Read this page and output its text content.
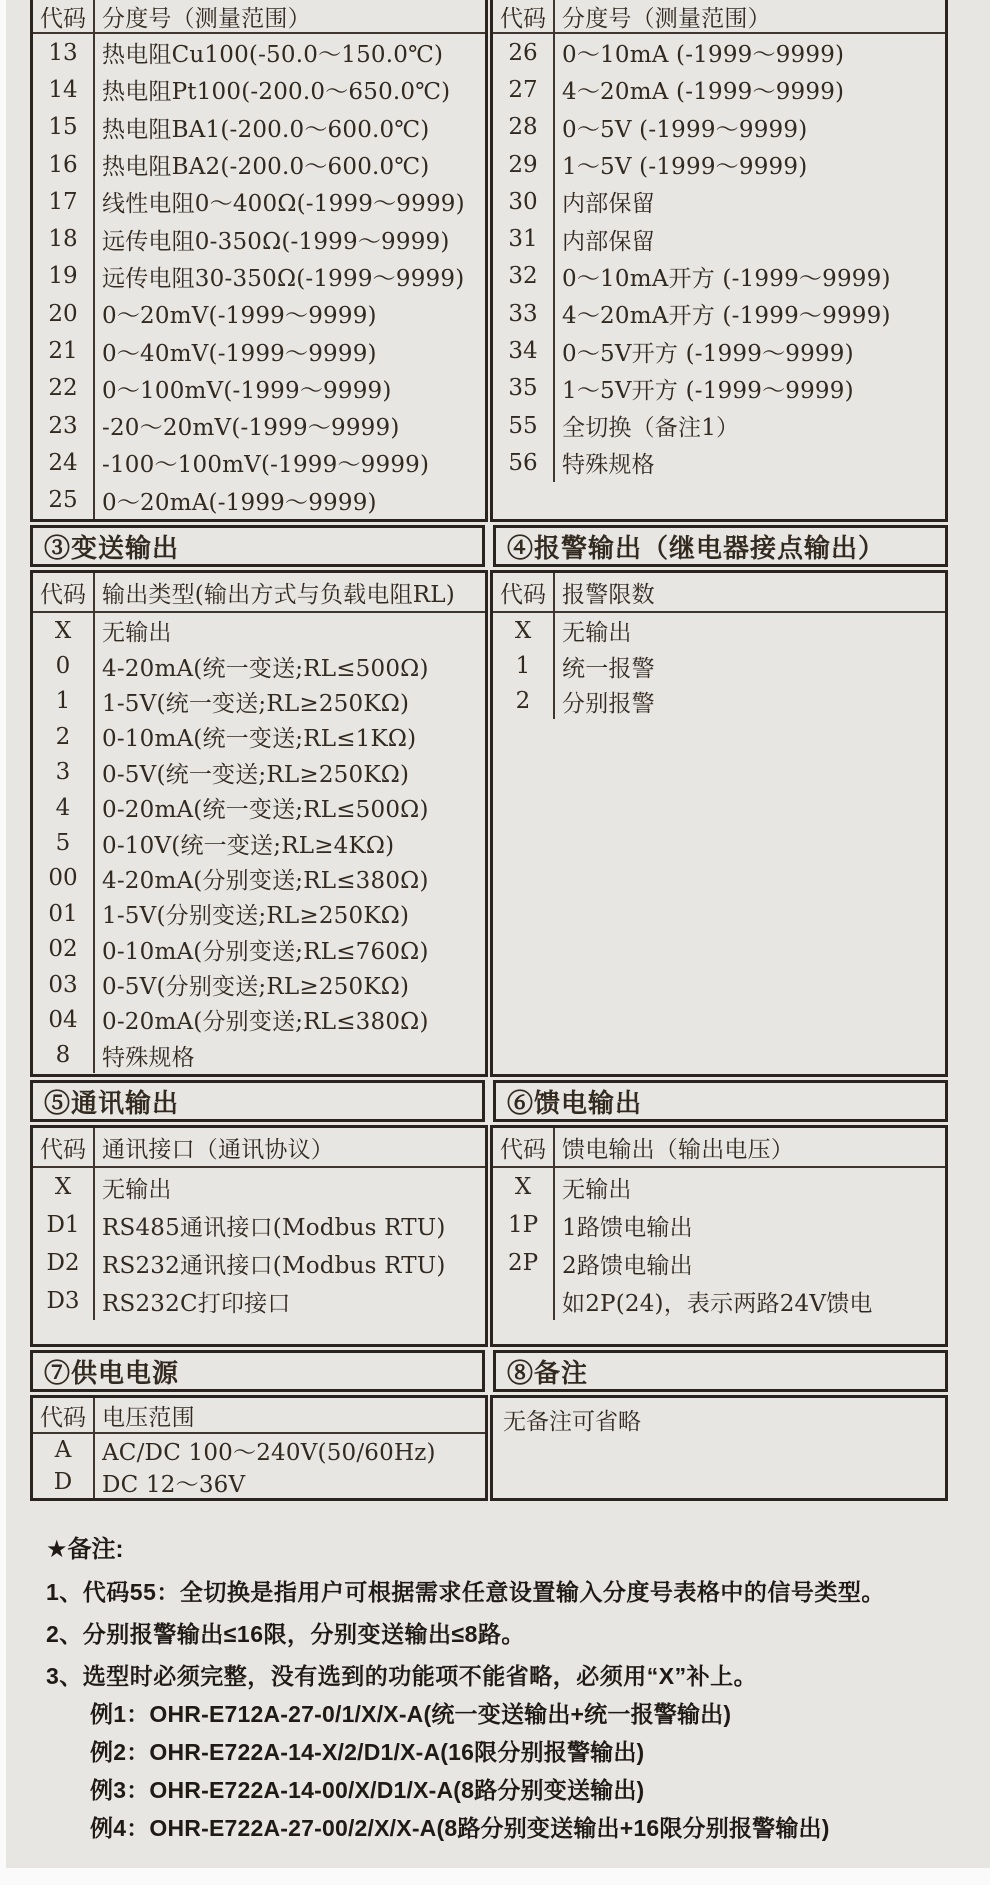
代码 分度号（测量范围）
13	热电阻Cu100(-50.0～150.0℃)
14	热电阻Pt100(-200.0～650.0℃)
15	热电阻BA1(-200.0～600.0℃)
16	热电阻BA2(-200.0～600.0℃)
17	线性电阻0～400Ω(-1999～9999)
18	远传电阻0-350Ω(-1999～9999)
19	远传电阻30-350Ω(-1999～9999)
20	0～20mV(-1999～9999)
21	0～40mV(-1999～9999)
22	0～100mV(-1999～9999)
23	-20～20mV(-1999～9999)
24	-100～100mV(-1999～9999)
25	0～20mA(-1999～9999)
代码 分度号（测量范围）
26	0～10mA (-1999～9999)
27	4～20mA (-1999～9999)
28	0～5V (-1999～9999)
29	1～5V (-1999～9999)
30	内部保留
31	内部保留
32	0～10mA开方 (-1999～9999)
33	4～20mA开方 (-1999～9999)
34	0～5V开方 (-1999～9999)
35	1～5V开方 (-1999～9999)
55	全切换（备注1）
56	特殊规格
③变送输出	④报警输出（继电器接点输出）
代码 输出类型(输出方式与负载电阻RL)
X	无输出
0	4-20mA(统一变送;RL≤500Ω)
1	1-5V(统一变送;RL≥250KΩ)
2	0-10mA(统一变送;RL≤1KΩ)
3	0-5V(统一变送;RL≥250KΩ)
4	0-20mA(统一变送;RL≤500Ω)
5	0-10V(统一变送;RL≥4KΩ)
00	4-20mA(分别变送;RL≤380Ω)
01	1-5V(分别变送;RL≥250KΩ)
02	0-10mA(分别变送;RL≤760Ω)
03	0-5V(分别变送;RL≥250KΩ)
04	0-20mA(分别变送;RL≤380Ω)
8	特殊规格
代码 报警限数
X	无输出
1	统一报警
2	分别报警
⑤通讯输出	⑥馈电输出
代码 通讯接口（通讯协议）
X	无输出
D1 RS485通讯接口(Modbus RTU)
D2 RS232通讯接口(Modbus RTU)
D3 RS232C打印接口
代码 馈电输出（输出电压）
X	无输出
1P	1路馈电输出
2P	2路馈电输出
如2P(24)，表示两路24V馈电
⑦供电电源	⑧备注
代码 电压范围
A	AC/DC 100～240V(50/60Hz)
D	DC 12～36V
无备注可省略
★备注:
1、代码55：全切换是指用户可根据需求任意设置输入分度号表格中的信号类型。
2、分别报警输出≤16限，分别变送输出≤8路。
3、选型时必须完整，没有选到的功能项不能省略，必须用“X”补上。
例1：OHR-E712A-27-0/1/X/X-A(统一变送输出+统一报警输出)
例2：OHR-E722A-14-X/2/D1/X-A(16限分别报警输出)
例3：OHR-E722A-14-00/X/D1/X-A(8路分别变送输出)
例4：OHR-E722A-27-00/2/X/X-A(8路分别变送输出+16限分别报警输出)
